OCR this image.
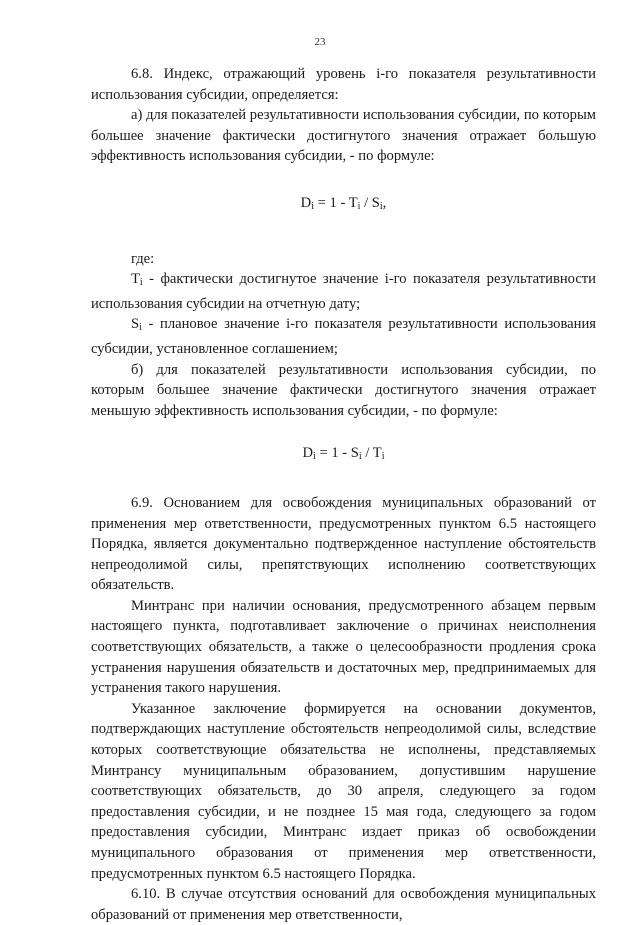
23

6.8. Индекс, отражающий уровень i-го показателя результативности использования субсидии, определяется:

а) для показателей результативности использования субсидии, по которым большее значение фактически достигнутого значения отражает большую эффективность использования субсидии, - по формуле:

$D_i = 1 - T_i / S_i$,

где:

$T_i$ - фактически достигнутое значение i-го показателя результативности использования субсидии на отчетную дату;

$S_i$ - плановое значение i-го показателя результативности использования субсидии, установленное соглашением;

б) для показателей результативности использования субсидии, по которым большее значение фактически достигнутого значения отражает меньшую эффективность использования субсидии, - по формуле:

$D_i = 1 - S_i / T_i$

6.9. Основанием для освобождения муниципальных образований от применения мер ответственности, предусмотренных пунктом 6.5 настоящего Порядка, является документально подтвержденное наступление обстоятельств непреодолимой силы, препятствующих исполнению соответствующих обязательств.

Минтранс при наличии основания, предусмотренного абзацем первым настоящего пункта, подготавливает заключение о причинах неисполнения соответствующих обязательств, а также о целесообразности продления срока устранения нарушения обязательств и достаточных мер, предпринимаемых для устранения такого нарушения.

Указанное заключение формируется на основании документов, подтверждающих наступление обстоятельств непреодолимой силы, вследствие которых соответствующие обязательства не исполнены, представляемых Минтрансу муниципальным образованием, допустившим нарушение соответствующих обязательств, до 30 апреля, следующего за годом предоставления субсидии, и не позднее 15 мая года, следующего за годом предоставления субсидии, Минтранс издает приказ об освобождении муниципального образования от применения мер ответственности, предусмотренных пунктом 6.5 настоящего Порядка.

6.10. В случае отсутствия оснований для освобождения муниципальных образований от применения мер ответственности,
